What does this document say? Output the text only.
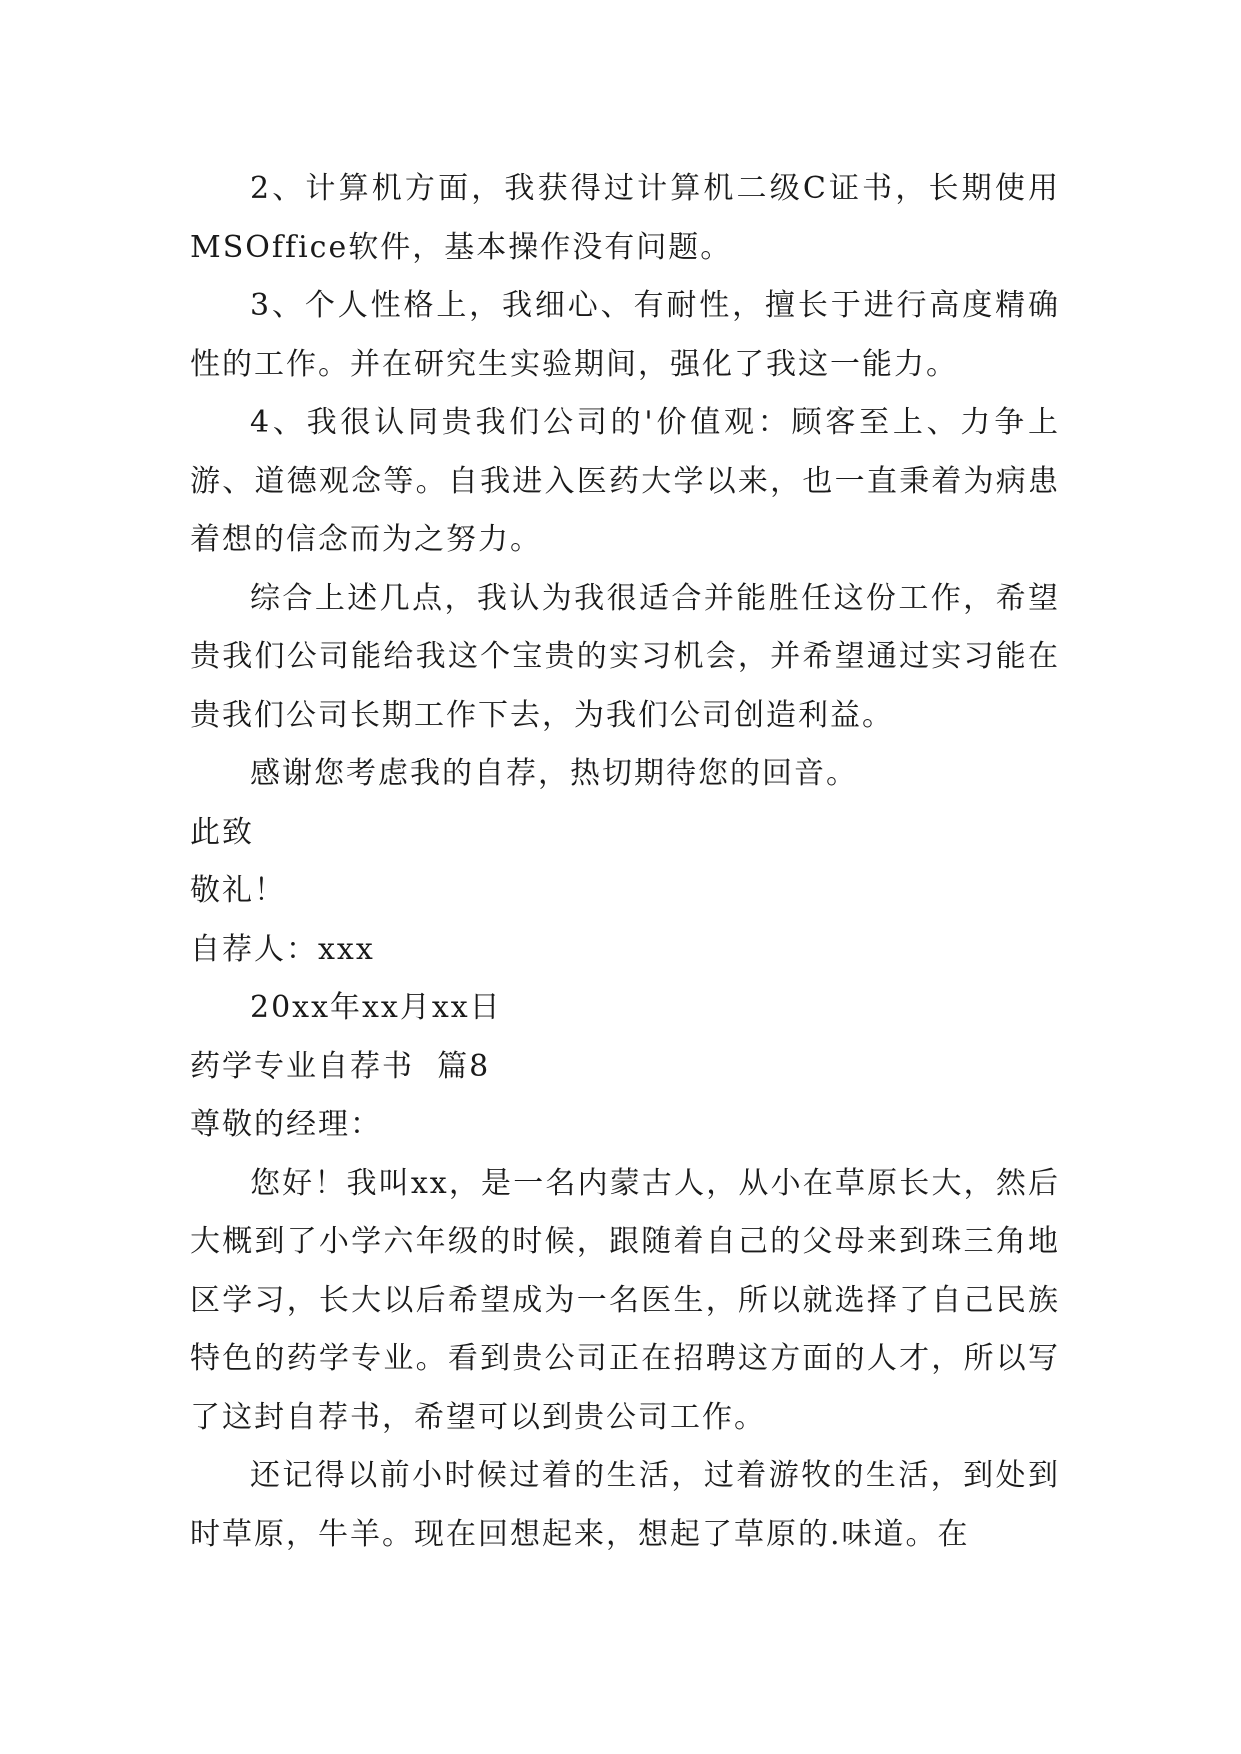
2、计算机方面，我获得过计算机二级C证书，长期使用MSOffice软件，基本操作没有问题。

3、个人性格上，我细心、有耐性，擅长于进行高度精确性的工作。并在研究生实验期间，强化了我这一能力。

4、我很认同贵我们公司的'价值观：顾客至上、力争上游、道德观念等。自我进入医药大学以来，也一直秉着为病患着想的信念而为之努力。

综合上述几点，我认为我很适合并能胜任这份工作，希望贵我们公司能给我这个宝贵的实习机会，并希望通过实习能在贵我们公司长期工作下去，为我们公司创造利益。

感谢您考虑我的自荐，热切期待您的回音。

此致

敬礼！

自荐人：xxx

20xx年xx月xx日

药学专业自荐书  篇8

尊敬的经理：

您好！我叫xx，是一名内蒙古人，从小在草原长大，然后大概到了小学六年级的时候，跟随着自己的父母来到珠三角地区学习，长大以后希望成为一名医生，所以就选择了自己民族特色的药学专业。看到贵公司正在招聘这方面的人才，所以写了这封自荐书，希望可以到贵公司工作。

还记得以前小时候过着的生活，过着游牧的生活，到处到时草原，牛羊。现在回想起来，想起了草原的.味道。在
